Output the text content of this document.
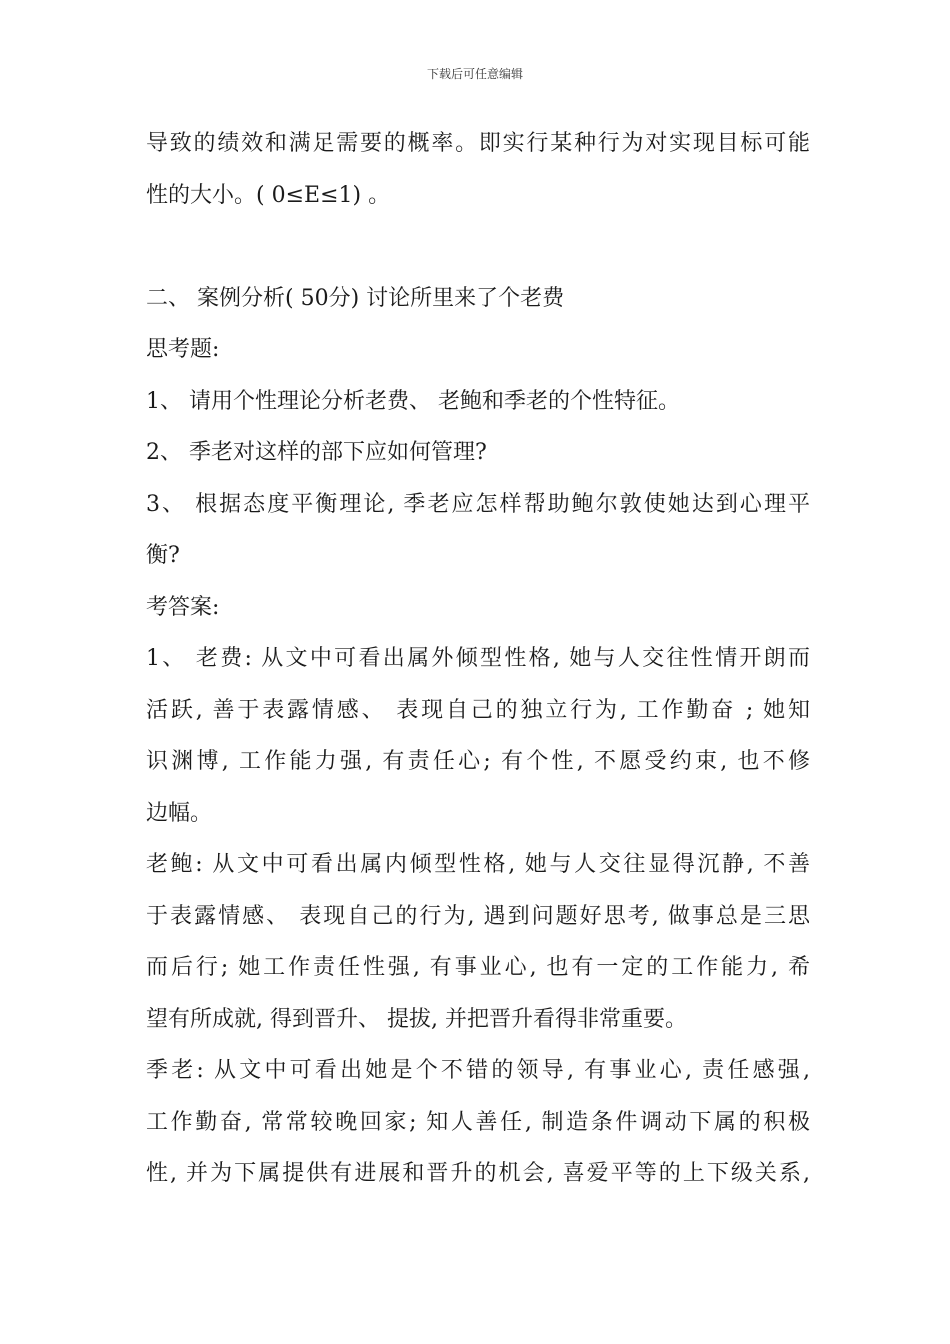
下载后可任意编辑
导致的绩效和满足需要的概率。即实行某种行为对实现目标可能
性的大小。( 0≤E≤1) 。
二、 案例分析( 50分) 讨论所里来了个老费
思考题:
1、 请用个性理论分析老费、 老鲍和季老的个性特征。
2、 季老对这样的部下应如何管理?
3、 根据态度平衡理论, 季老应怎样帮助鲍尔敦使她达到心理平
衡?
考答案:
1、 老费: 从文中可看出属外倾型性格, 她与人交往性情开朗而
活跃, 善于表露情感、 表现自己的独立行为, 工作勤奋 ; 她知
识渊博, 工作能力强, 有责任心; 有个性, 不愿受约束, 也不修
边幅。
老鲍: 从文中可看出属内倾型性格, 她与人交往显得沉静, 不善
于表露情感、 表现自己的行为, 遇到问题好思考, 做事总是三思
而后行; 她工作责任性强, 有事业心, 也有一定的工作能力, 希
望有所成就, 得到晋升、 提拔, 并把晋升看得非常重要。
季老: 从文中可看出她是个不错的领导, 有事业心, 责任感强,
工作勤奋, 常常较晚回家; 知人善任, 制造条件调动下属的积极
性, 并为下属提供有进展和晋升的机会, 喜爱平等的上下级关系,
